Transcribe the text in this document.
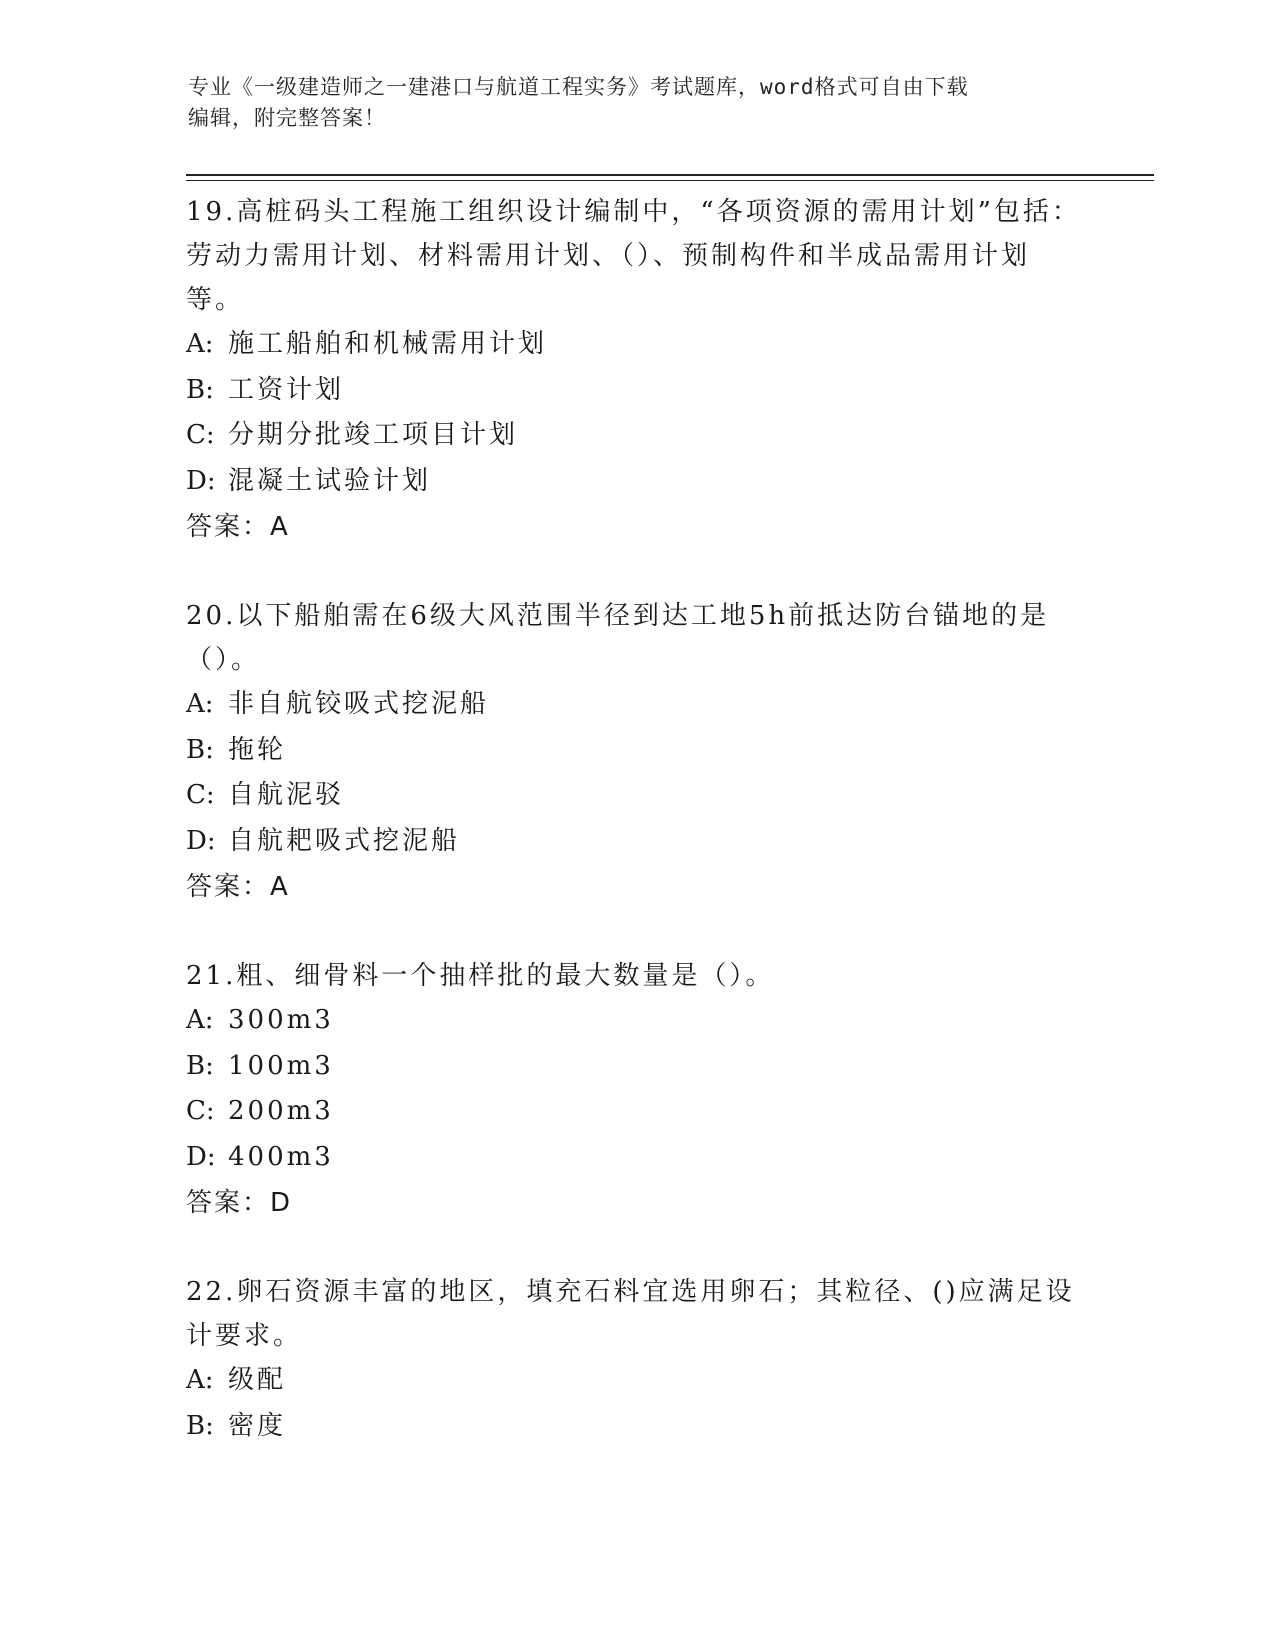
专业《一级建造师之一建港口与航道工程实务》考试题库，word格式可自由下载
编辑，附完整答案！

19.高桩码头工程施工组织设计编制中，“各项资源的需用计划”包括：劳动力需用计划、材料需用计划、（）、预制构件和半成品需用计划等。

A: 施工船舶和机械需用计划

B: 工资计划

C: 分期分批竣工项目计划

D: 混凝土试验计划

答案：A

20.以下船舶需在6级大风范围半径到达工地5h前抵达防台锚地的是（）。

A: 非自航铰吸式挖泥船

B: 拖轮

C: 自航泥驳

D: 自航耙吸式挖泥船

答案：A

21.粗、细骨料一个抽样批的最大数量是（）。

A: 300m3

B: 100m3

C: 200m3

D: 400m3

答案：D

22.卵石资源丰富的地区，填充石料宜选用卵石；其粒径、()应满足设计要求。

A: 级配

B: 密度
